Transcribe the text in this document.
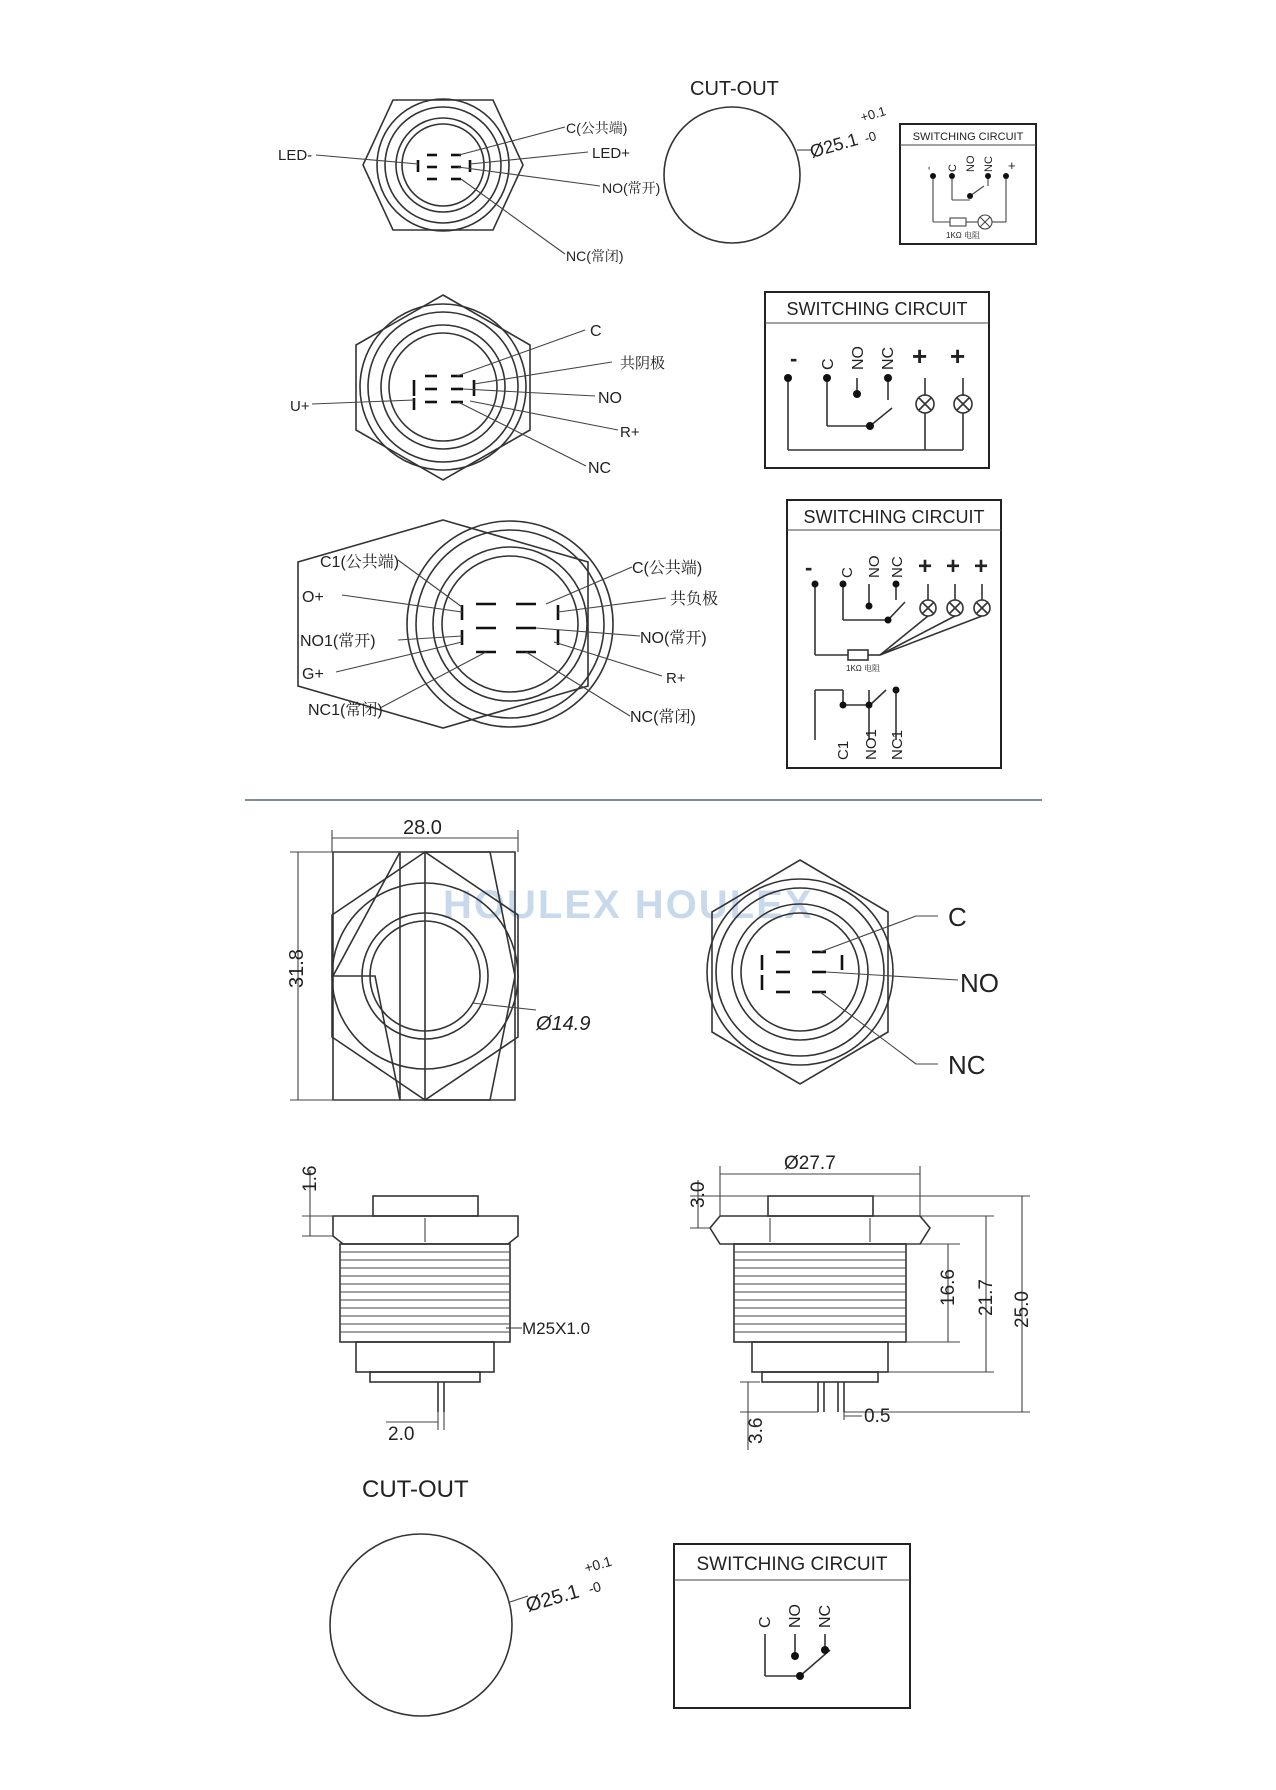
LED-
C(公共端)
LED+
NO(常开)
NC(常闭)
CUT-OUT
Ø25.1
+0.1
-0	SWITCHING CIRCUIT
- C NO NC +
1KΩ 电阻
C
共阴极
U+	NO
R+
NC
SWITCHING CIRCUIT
- C NO NC + +
C1(公共端)
O+
NO1(常开)
G+
NC1(常闭)
C(公共端)
共负极
NO(常开)
R+
NC(常闭)
SWITCHING CIRCUIT
- C NO NC + + +
1KΩ 电阻
C1 NO1 NC1
HOULEX HOULEX
28.0
31.8
Ø14.9
C
NO
NC
2.0
1.6
M25X1.0
Ø27.7
3.0
16.6 21.7 25.0
3.6
0.5
CUT-OUT
Ø25.1
+0.1
-0
SWITCHING CIRCUIT
C NO NC
